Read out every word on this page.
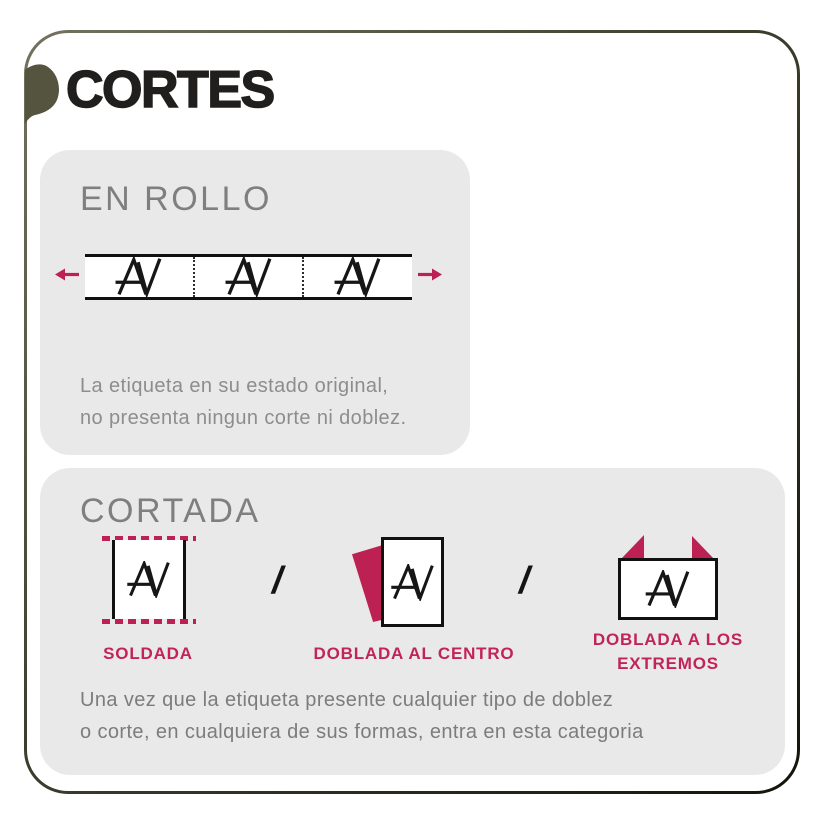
CORTES
EN ROLLO

La etiqueta en su estado original,
no presenta ningun corte ni doblez.

CORTADA
/	/
SOLDADA	DOBLADA AL CENTRO
DOBLADA A LOS EXTREMOS

Una vez que la etiqueta presente cualquier tipo de doblez
o corte, en cualquiera de sus formas, entra en esta categoria
